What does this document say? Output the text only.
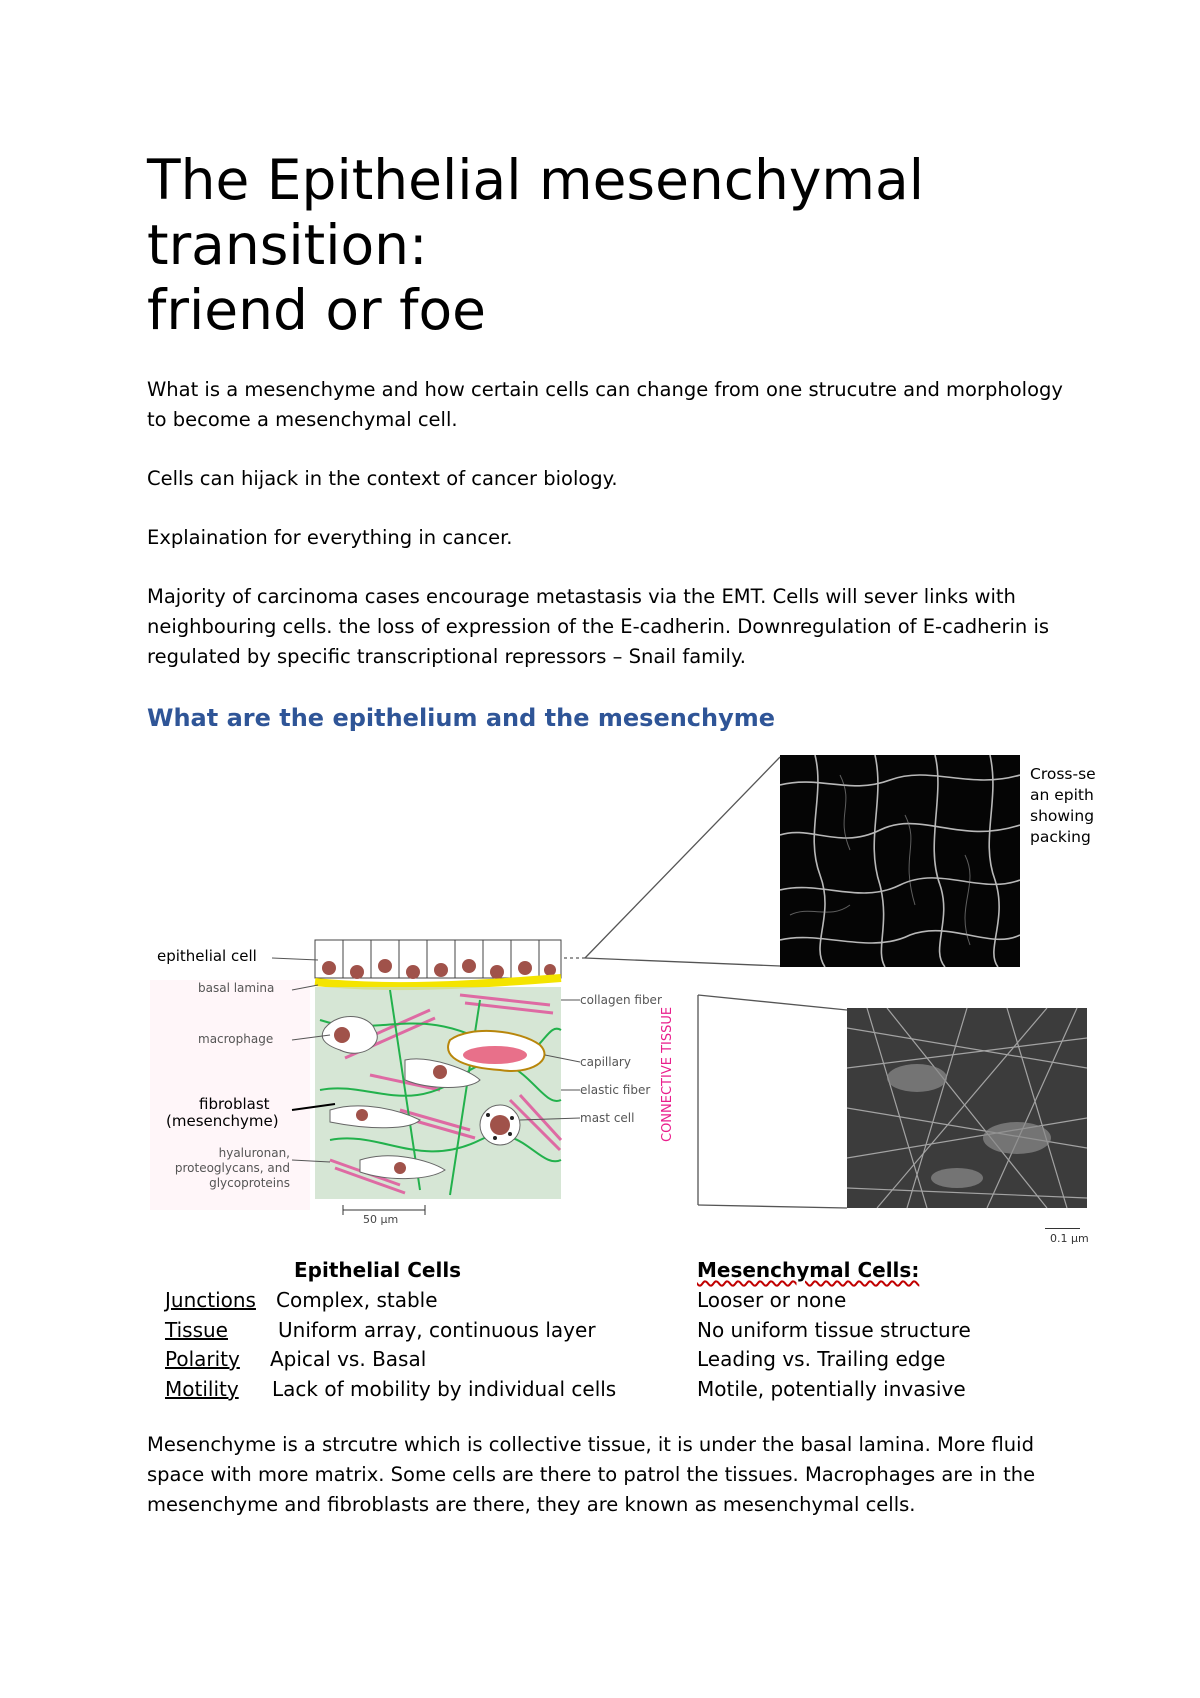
The Epithelial mesenchymal
transition:
friend or foe

What is a mesenchyme and how certain cells can change from one strucutre and morphology to become a mesenchymal cell.

Cells can hijack in the context of cancer biology.

Explaination for everything in cancer.

Majority of carcinoma cases encourage metastasis via the EMT. Cells will sever links with neighbouring cells. the loss of expression of the E-cadherin. Downregulation of E-cadherin is regulated by specific transcriptional repressors – Snail family.

What are the epithelium and the mesenchyme
Cross-se
an epith
showing
packing
0.1 μm
epithelial cell
basal lamina
macrophage
fibroblast
(mesenchyme)
hyaluronan,
proteoglycans, and
glycoproteins
collagen fiber
capillary
elastic fiber
mast cell CONNECTIVE TISSUE
50 μm
Epithelial Cells	Mesenchymal Cells:
Junctions Complex, stable	Looser or none
Tissue	Uniform array, continuous layer	No uniform tissue structure
Polarity Apical vs. Basal	Leading vs. Trailing edge
Motility Lack of mobility by individual cells	Motile, potentially invasive

Mesenchyme is a strcutre which is collective tissue, it is under the basal lamina. More fluid space with more matrix. Some cells are there to patrol the tissues. Macrophages are in the mesenchyme and fibroblasts are there, they are known as mesenchymal cells.
